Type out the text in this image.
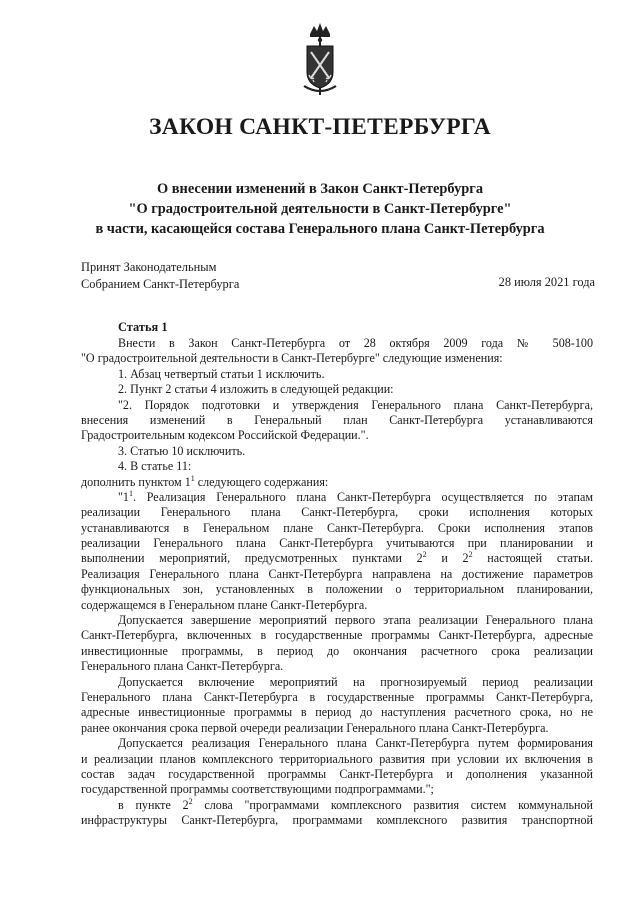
ЗАКОН САНКТ-ПЕТЕРБУРГА
О внесении изменений в Закон Санкт-Петербурга
"О градостроительной деятельности в Санкт-Петербурге"
в части, касающейся состава Генерального плана Санкт-Петербурга
Принят Законодательным
Собранием Санкт-Петербурга	28 июля 2021 года
Статья 1
Внести в Закон Санкт-Петербурга от 28 октября 2009 года № 508-100
"О градостроительной деятельности в Санкт-Петербурге" следующие изменения:
1. Абзац четвертый статьи 1 исключить.
2. Пункт 2 статьи 4 изложить в следующей редакции:
"2. Порядок подготовки и утверждения Генерального плана Санкт-Петербурга,
внесения изменений в Генеральный план Санкт-Петербурга устанавливаются
Градостроительным кодексом Российской Федерации.".
3. Статью 10 исключить.
4. В статье 11:
дополнить пунктом $1^1$ следующего содержания:
"$1^1$. Реализация Генерального плана Санкт-Петербурга осуществляется по этапам
реализации Генерального плана Санкт-Петербурга, сроки исполнения которых
устанавливаются в Генеральном плане Санкт-Петербурга. Сроки исполнения этапов
реализации Генерального плана Санкт-Петербурга учитываются при планировании и
выполнении мероприятий, предусмотренных пунктами $2^2$ и $2^2$ настоящей статьи.
Реализация Генерального плана Санкт-Петербурга направлена на достижение параметров
функциональных зон, установленных в положении о территориальном планировании,
содержащемся в Генеральном плане Санкт-Петербурга.
Допускается завершение мероприятий первого этапа реализации Генерального плана
Санкт-Петербурга, включенных в государственные программы Санкт-Петербурга, адресные
инвестиционные программы, в период до окончания расчетного срока реализации
Генерального плана Санкт-Петербурга.
Допускается включение мероприятий на прогнозируемый период реализации
Генерального плана Санкт-Петербурга в государственные программы Санкт-Петербурга,
адресные инвестиционные программы в период до наступления расчетного срока, но не
ранее окончания срока первой очереди реализации Генерального плана Санкт-Петербурга.
Допускается реализация Генерального плана Санкт-Петербурга путем формирования
и реализации планов комплексного территориального развития при условии их включения в
состав задач государственной программы Санкт-Петербурга и дополнения указанной
государственной программы соответствующими подпрограммами.";
в пункте $2^2$ слова "программами комплексного развития систем коммунальной
инфраструктуры Санкт-Петербурга, программами комплексного развития транспортной
